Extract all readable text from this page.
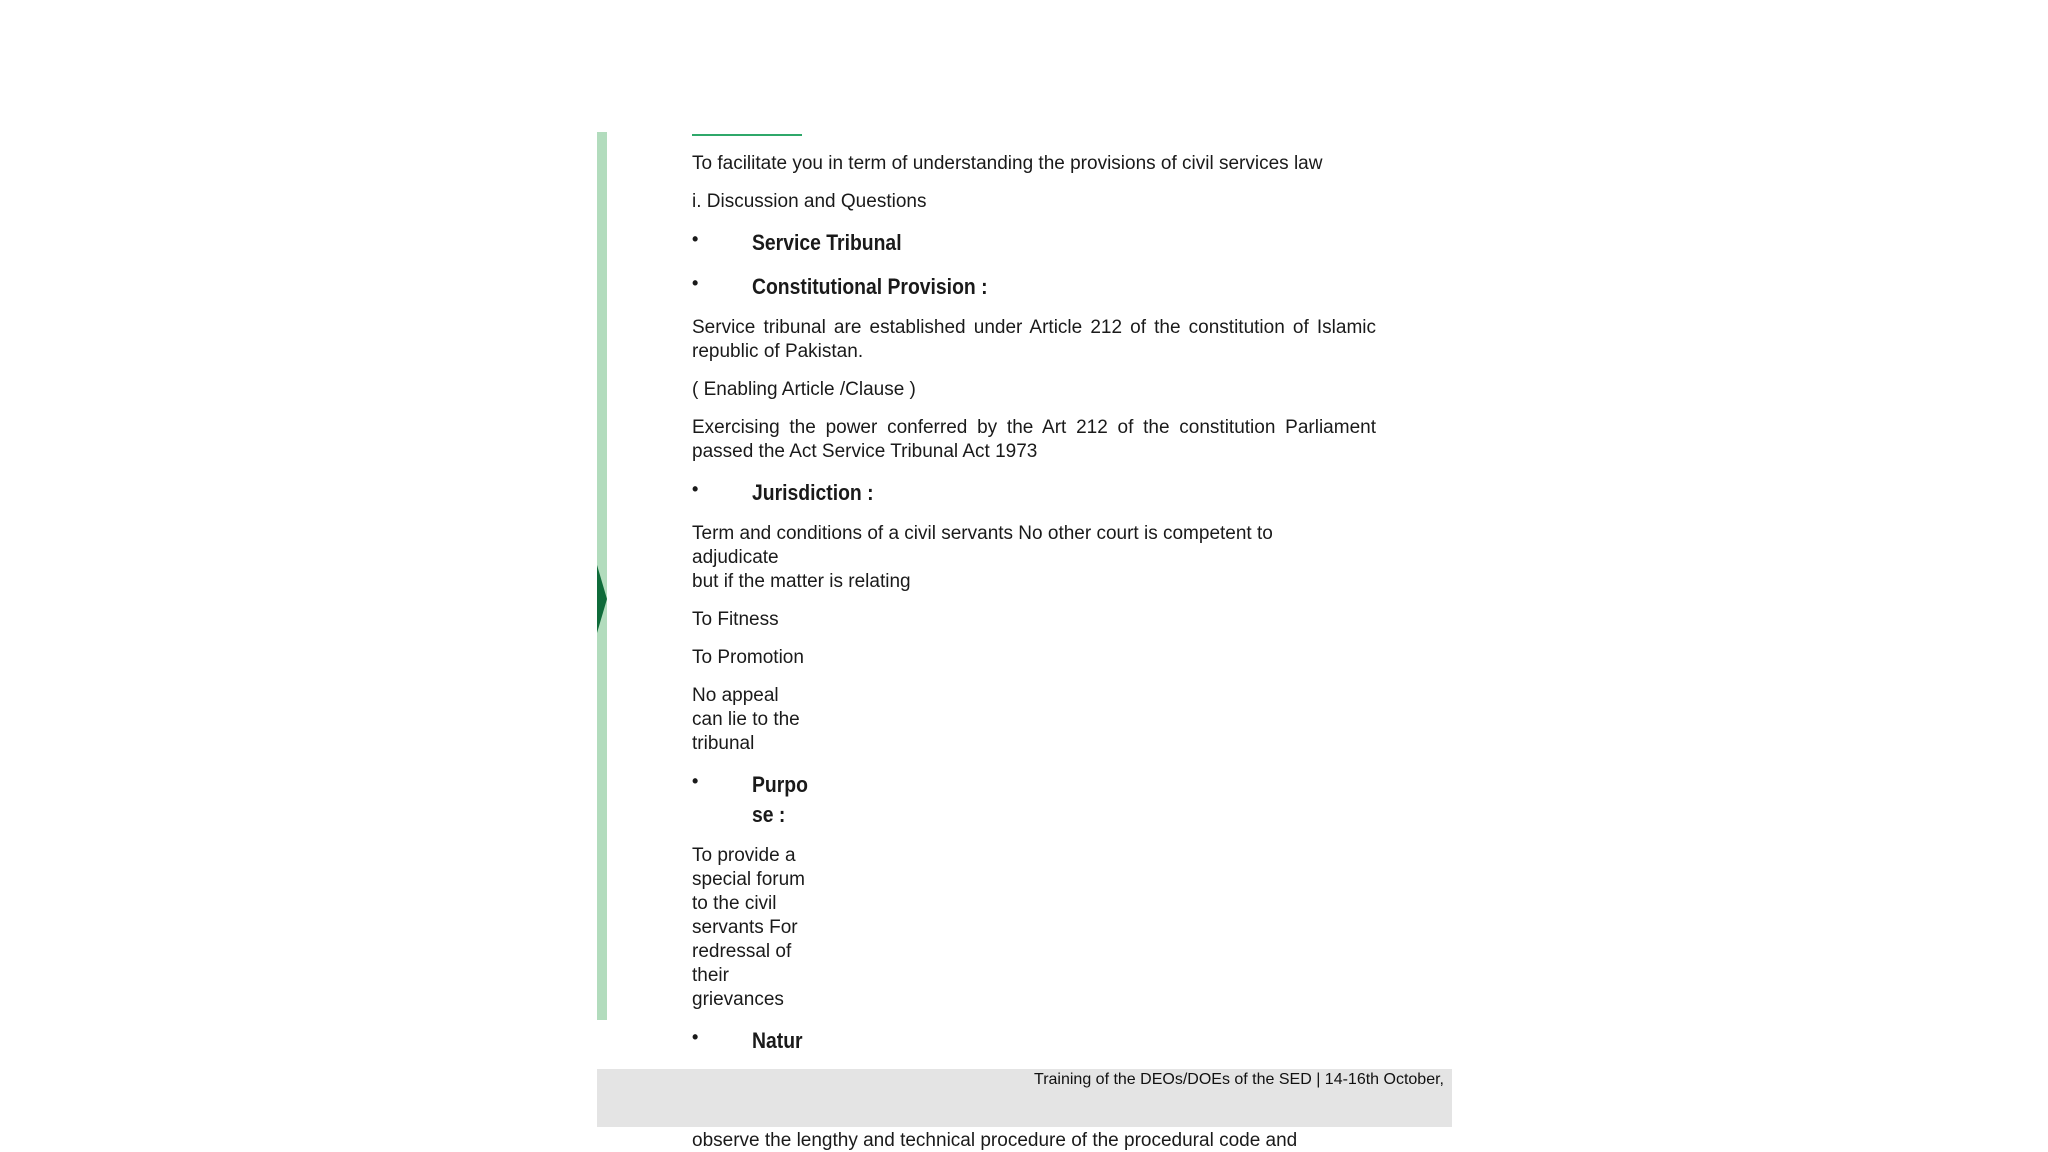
To facilitate you in term of understanding the provisions of civil services law

i. Discussion and Questions

• Service Tribunal
• Constitutional Provision :

Service tribunal are established under Article 212 of the constitution of Islamic republic of Pakistan.

( Enabling Article /Clause )

Exercising the power conferred by the Art 212 of the constitution Parliament passed the Act Service Tribunal Act 1973

• Jurisdiction :
Term and conditions of a civil servants No other court is competent to
adjudicate
but if the matter is relating

To Fitness

To Promotion

No appeal
can lie to the
tribunal
• Purpo
se :
To provide a
special forum
to the civil
servants For
redressal of
their
grievances
• Natur
Training of the DEOs/DOEs of the SED | 14-16th October,
observe the lengthy and technical procedure of the procedural code and
